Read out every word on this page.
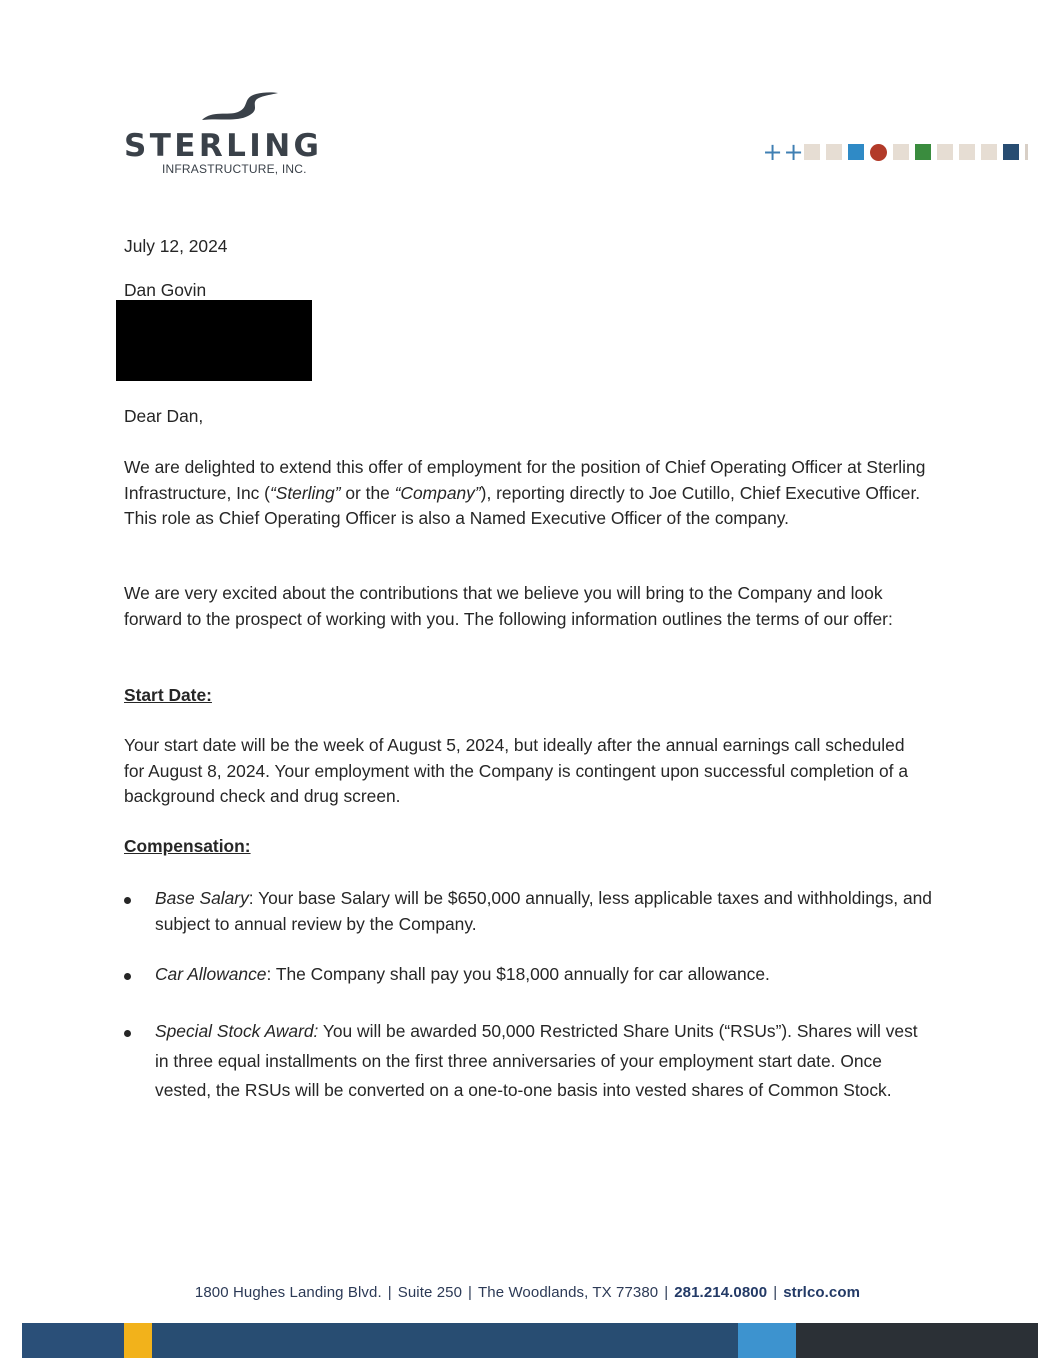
STERLING
INFRASTRUCTURE, INC.
+ +
July 12, 2024
Dan Govin
Dear Dan,
We are delighted to extend this offer of employment for the position of Chief Operating Officer at Sterling Infrastructure, Inc (“Sterling” or the “Company”), reporting directly to Joe Cutillo, Chief Executive Officer. This role as Chief Operating Officer is also a Named Executive Officer of the company.
We are very excited about the contributions that we believe you will bring to the Company and look forward to the prospect of working with you. The following information outlines the terms of our offer:
Start Date:
Your start date will be the week of August 5, 2024, but ideally after the annual earnings call scheduled for August 8, 2024. Your employment with the Company is contingent upon successful completion of a background check and drug screen.
Compensation:
Base Salary: Your base Salary will be $650,000 annually, less applicable taxes and withholdings, and subject to annual review by the Company.
Car Allowance: The Company shall pay you $18,000 annually for car allowance.
Special Stock Award: You will be awarded 50,000 Restricted Share Units (“RSUs”). Shares will vest in three equal installments on the first three anniversaries of your employment start date. Once vested, the RSUs will be converted on a one-to-one basis into vested shares of Common Stock.
1800 Hughes Landing Blvd. | Suite 250 | The Woodlands, TX 77380 | 281.214.0800 | strlco.com
